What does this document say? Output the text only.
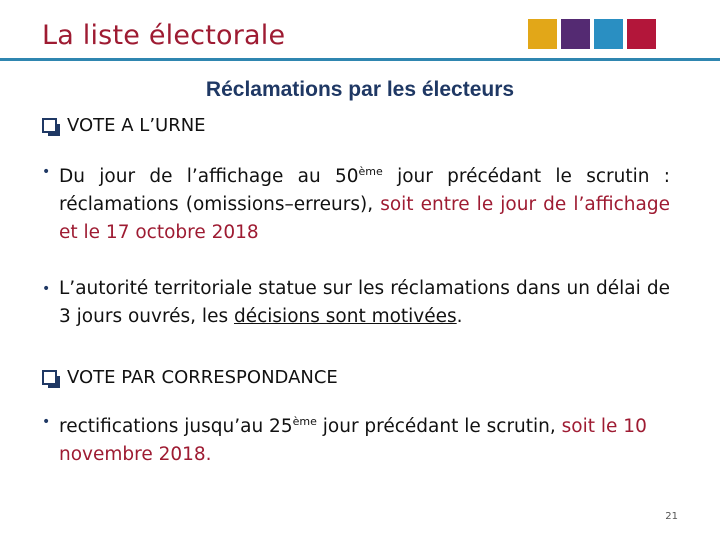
La liste électorale
Réclamations par les électeurs
VOTE A L’URNE
• Du jour de l’affichage au 50ème jour précédant le scrutin : réclamations (omissions–erreurs), soit entre le jour de l’affichage et le 17 octobre 2018
• L’autorité territoriale statue sur les réclamations dans un délai de 3 jours ouvrés, les décisions sont motivées.
VOTE PAR CORRESPONDANCE
• rectifications jusqu’au 25ème jour précédant le scrutin, soit le 10 novembre 2018.
21
